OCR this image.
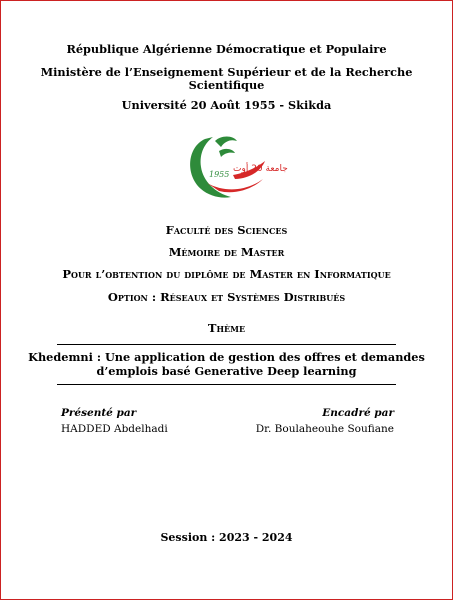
République Algérienne Démocratique et Populaire
Ministère de l’Enseignement Supérieur et de la Recherche
Scientifique
Université 20 Août 1955 - Skikda
جامعة 20 أوت
1955
Faculté des Sciences
Mémoire de Master
Pour l’obtention du diplôme de Master en Informatique
Option : Réseaux et Systèmes Distribués
Thème
Khedemni : Une application de gestion des offres et demandes
d’emplois basé Generative Deep learning
Présenté par
HADDED Abdelhadi
Encadré par
Dr. Boulaheouhe Soufiane
Session : 2023 - 2024
